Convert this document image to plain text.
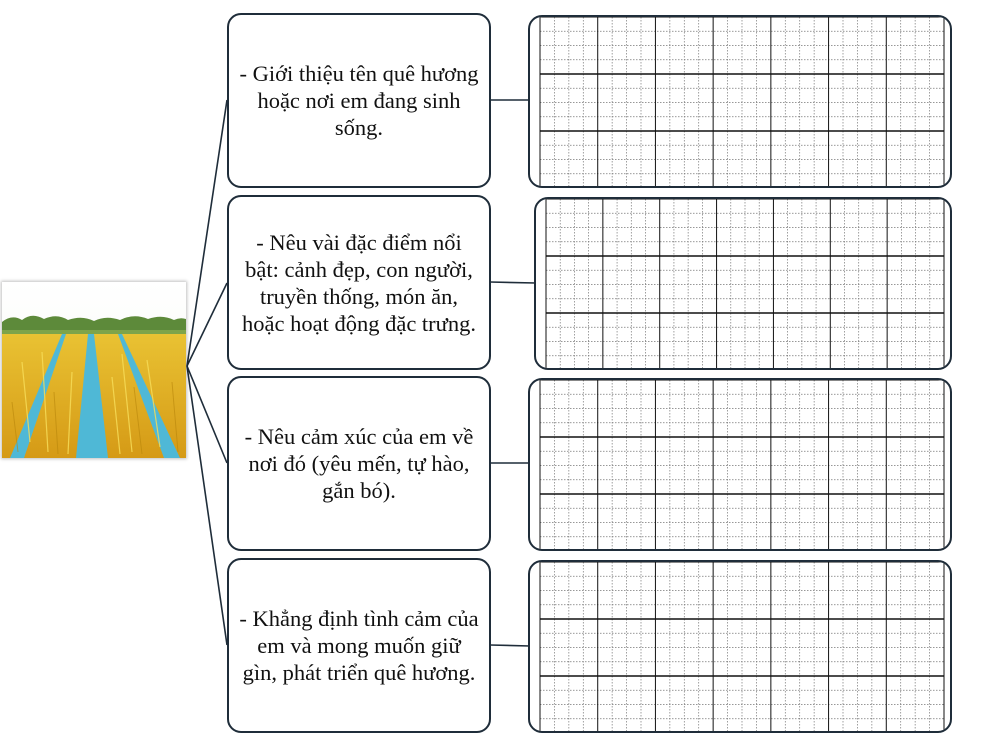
- Giới thiệu tên quê hương hoặc nơi em đang sinh sống.
- Nêu vài đặc điểm nổi bật: cảnh đẹp, con người, truyền thống, món ăn, hoặc hoạt động đặc trưng.
- Nêu cảm xúc của em về nơi đó (yêu mến, tự hào, gắn bó).
- Khẳng định tình cảm của em và mong muốn giữ gìn, phát triển quê hương.
